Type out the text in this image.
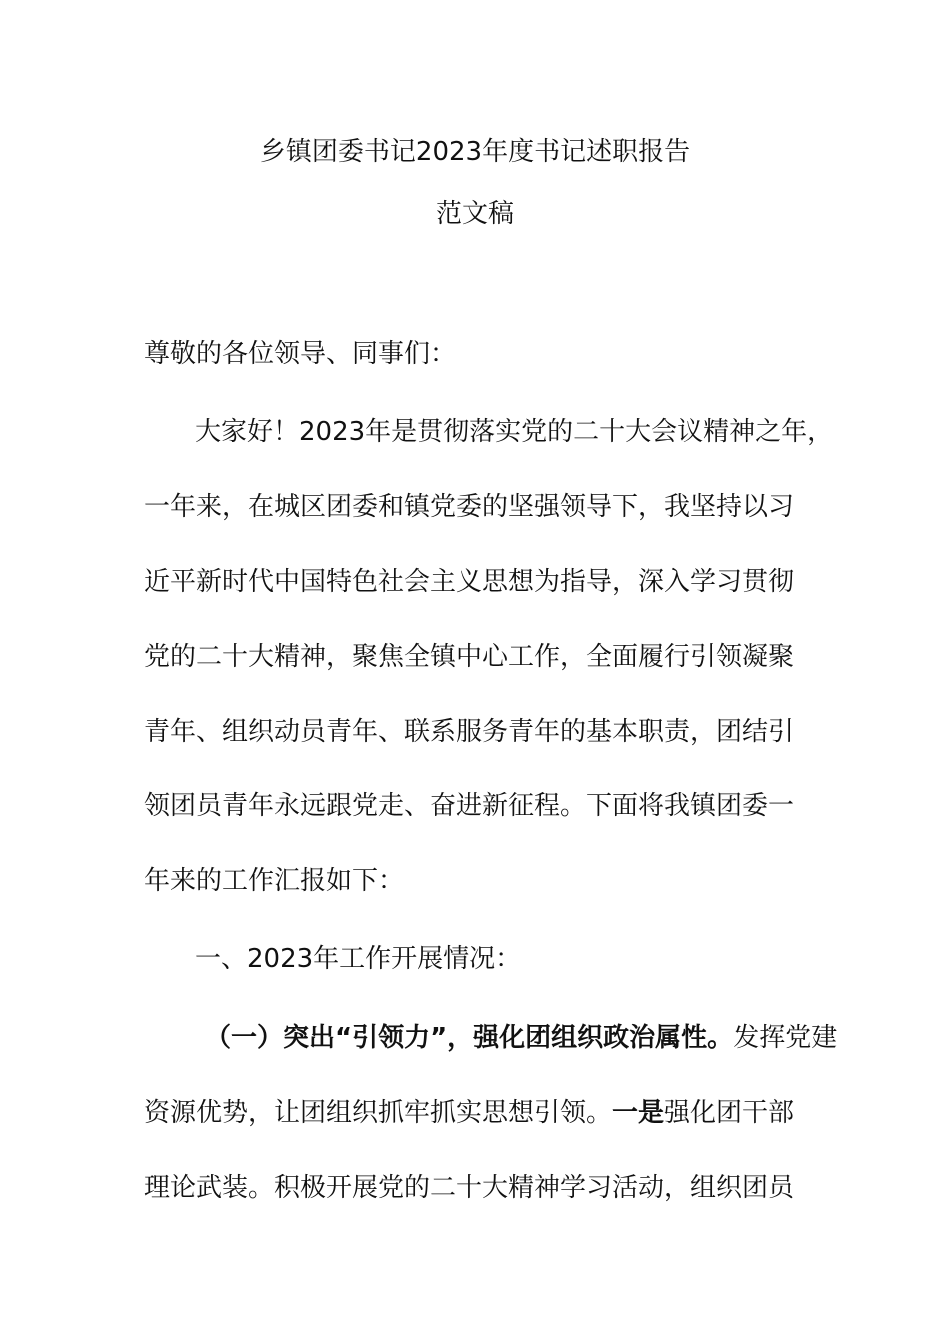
乡镇团委书记2023年度书记述职报告
范文稿
尊敬的各位领导、同事们：
大家好！2023年是贯彻落实党的二十大会议精神之年，
一年来，在城区团委和镇党委的坚强领导下，我坚持以习
近平新时代中国特色社会主义思想为指导，深入学习贯彻
党的二十大精神，聚焦全镇中心工作，全面履行引领凝聚
青年、组织动员青年、联系服务青年的基本职责，团结引
领团员青年永远跟党走、奋进新征程。下面将我镇团委一
年来的工作汇报如下：
一、2023年工作开展情况：
（一）突出“引领力”，强化团组织政治属性。发挥党建
资源优势，让团组织抓牢抓实思想引领。一是强化团干部
理论武装。积极开展党的二十大精神学习活动，组织团员
